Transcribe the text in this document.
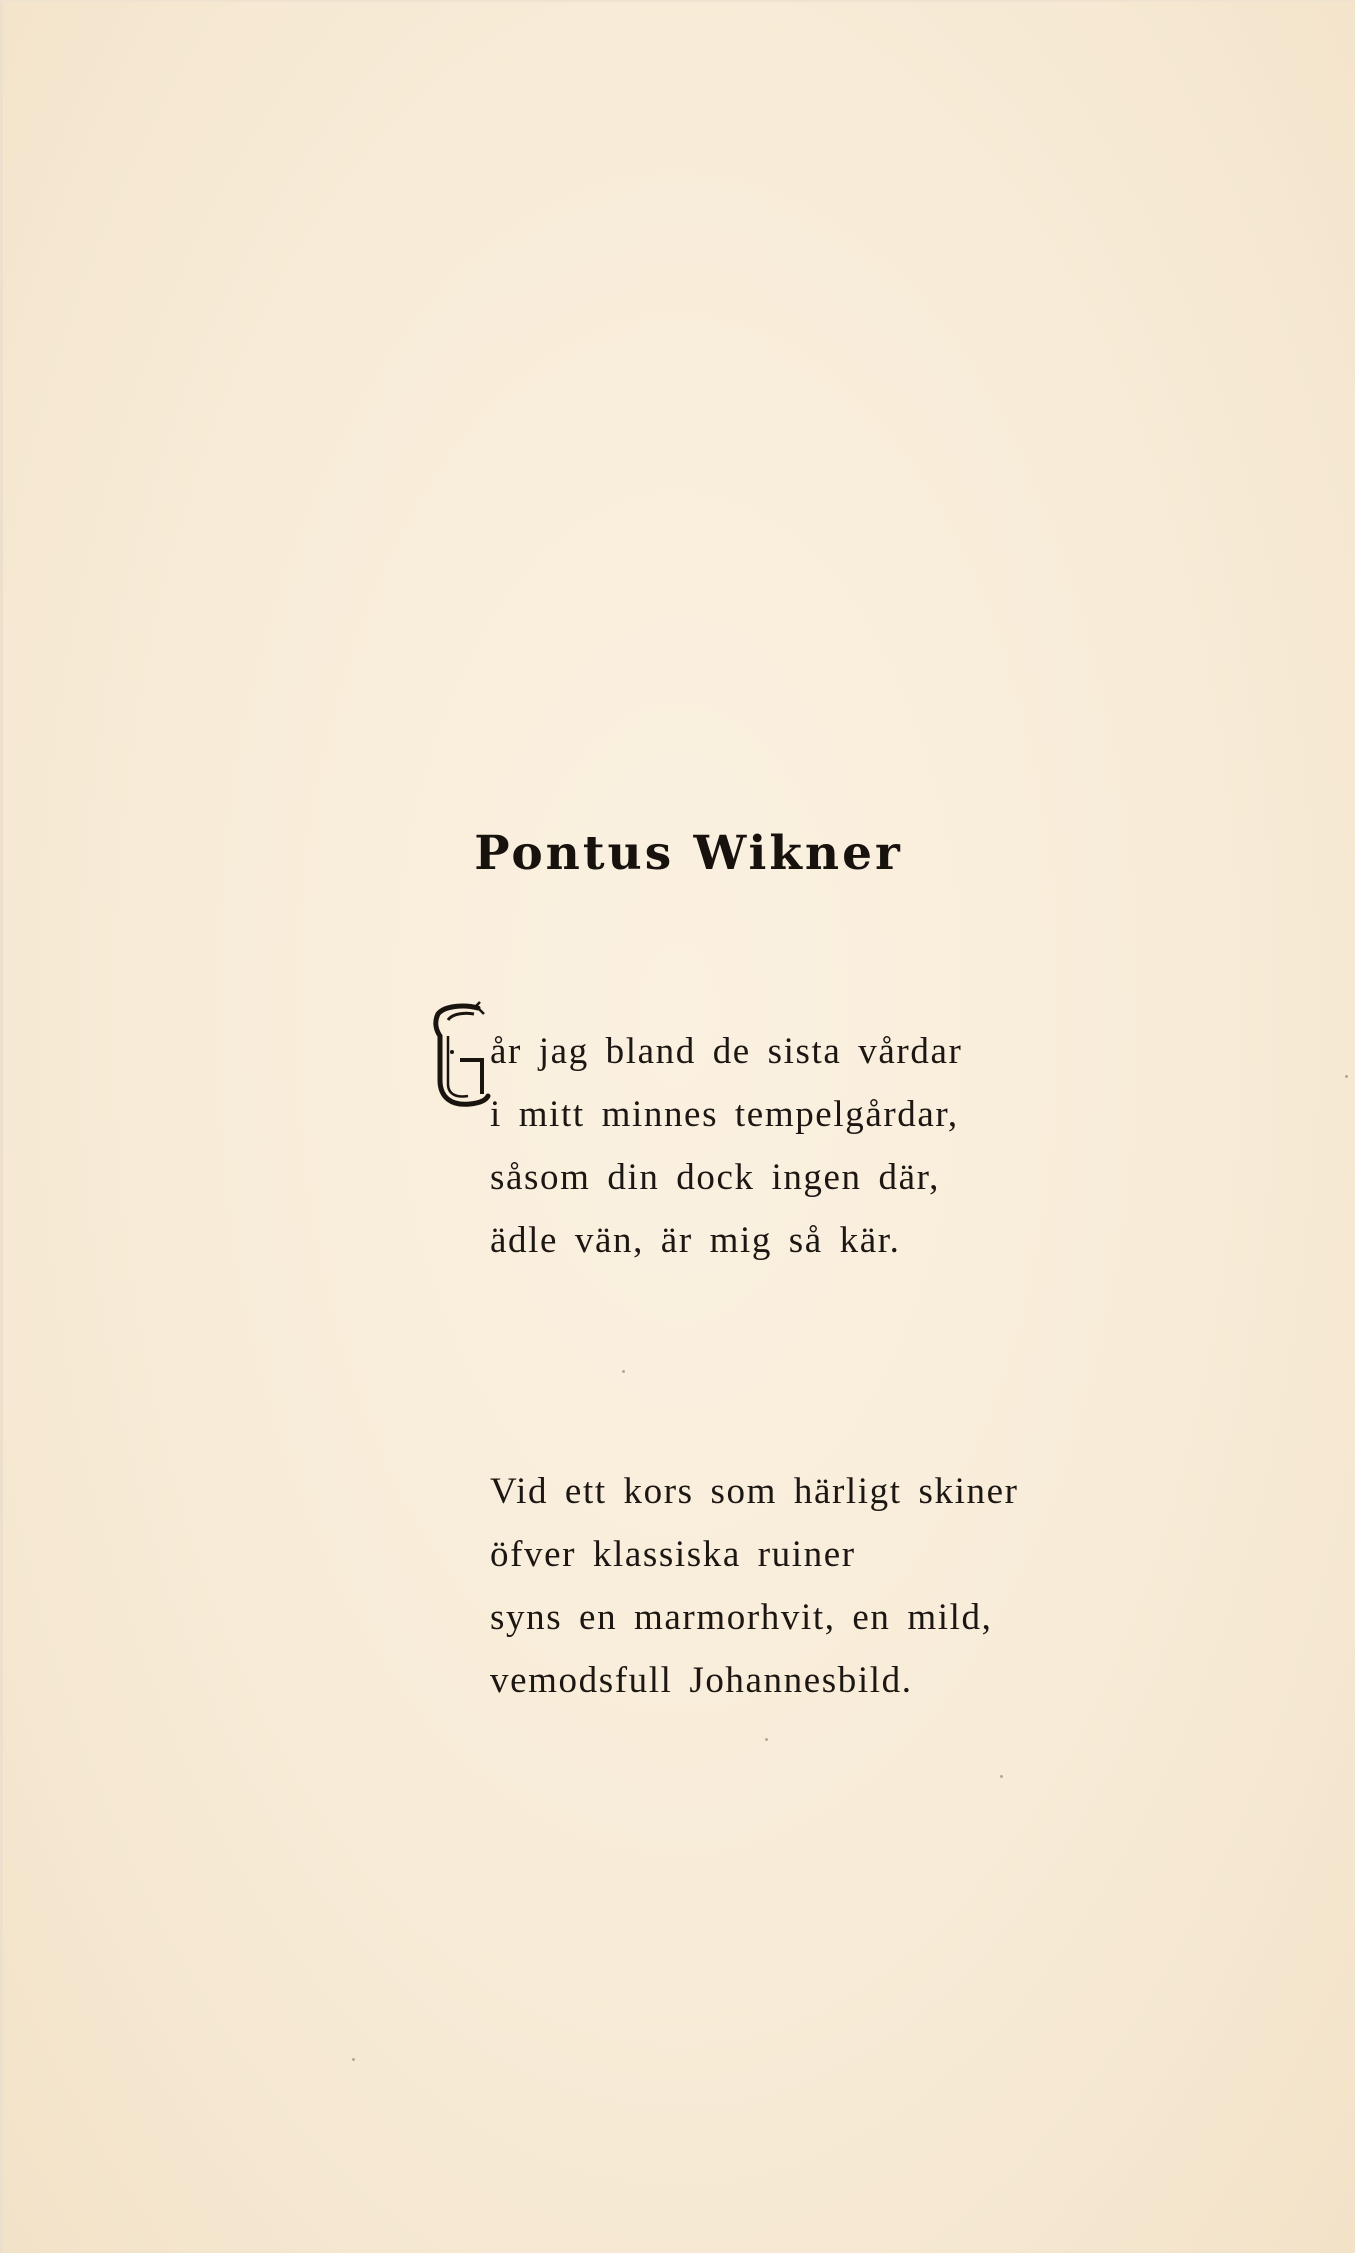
Pontus Wikner
år jag bland de sista vårdar
i mitt minnes tempelgårdar,
såsom din dock ingen där,
ädle vän, är mig så kär.
Vid ett kors som härligt skiner
öfver klassiska ruiner
syns en marmorhvit, en mild,
vemodsfull Johannesbild.
